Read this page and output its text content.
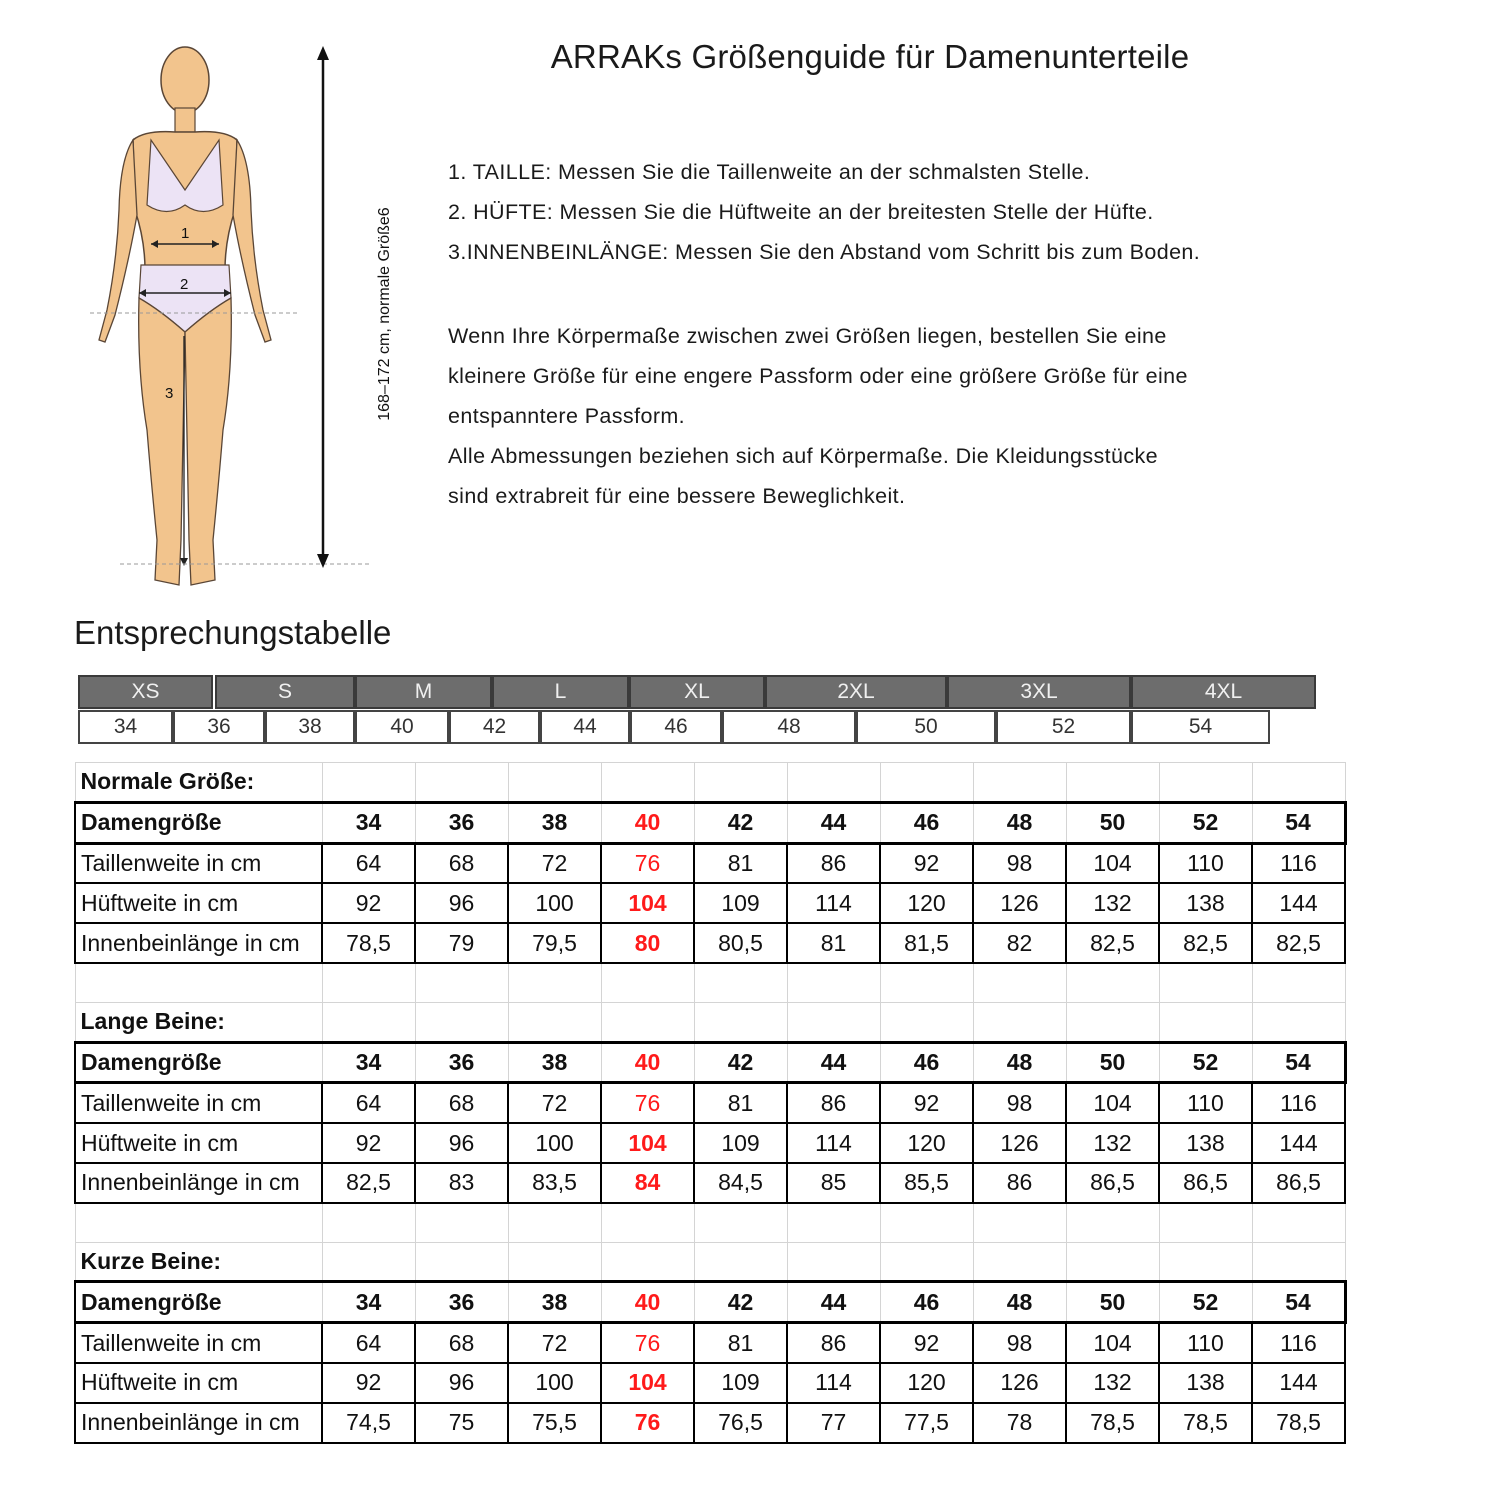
1
2
3	168–172 cm, normale Größe6
ARRAKs Größenguide für Damenunterteile

1. TAILLE: Messen Sie die Taillenweite an der schmalsten Stelle.

2. HÜFTE: Messen Sie die Hüftweite an der breitesten Stelle der Hüfte.

3.INNENBEINLÄNGE: Messen Sie den Abstand vom Schritt bis zum Boden.

Wenn Ihre Körpermaße zwischen zwei Größen liegen, bestellen Sie eine

kleinere Größe für eine engere Passform oder eine größere Größe für eine

entspanntere Passform.

Alle Abmessungen beziehen sich auf Körpermaße. Die Kleidungsstücke

sind extrabreit für eine bessere Beweglichkeit.

Entsprechungstabelle
XS	S	M	L	XL	2XL	3XL	4XL
34	36	38	40	42	44	46	48	50	52	54
Normale Größe:											
Damengröße	34	36	38	40	42	44	46	48	50	52	54
Taillenweite in cm	64	68	72	76	81	86	92	98	104	110	116
Hüftweite in cm	92	96	100	104	109	114	120	126	132	138	144
Innenbeinlänge in cm	78,5	79	79,5	80	80,5	81	81,5	82	82,5	82,5	82,5

Lange Beine:											
Damengröße	34	36	38	40	42	44	46	48	50	52	54
Taillenweite in cm	64	68	72	76	81	86	92	98	104	110	116
Hüftweite in cm	92	96	100	104	109	114	120	126	132	138	144
Innenbeinlänge in cm	82,5	83	83,5	84	84,5	85	85,5	86	86,5	86,5	86,5

Kurze Beine:											
Damengröße	34	36	38	40	42	44	46	48	50	52	54
Taillenweite in cm	64	68	72	76	81	86	92	98	104	110	116
Hüftweite in cm	92	96	100	104	109	114	120	126	132	138	144
Innenbeinlänge in cm	74,5	75	75,5	76	76,5	77	77,5	78	78,5	78,5	78,5
